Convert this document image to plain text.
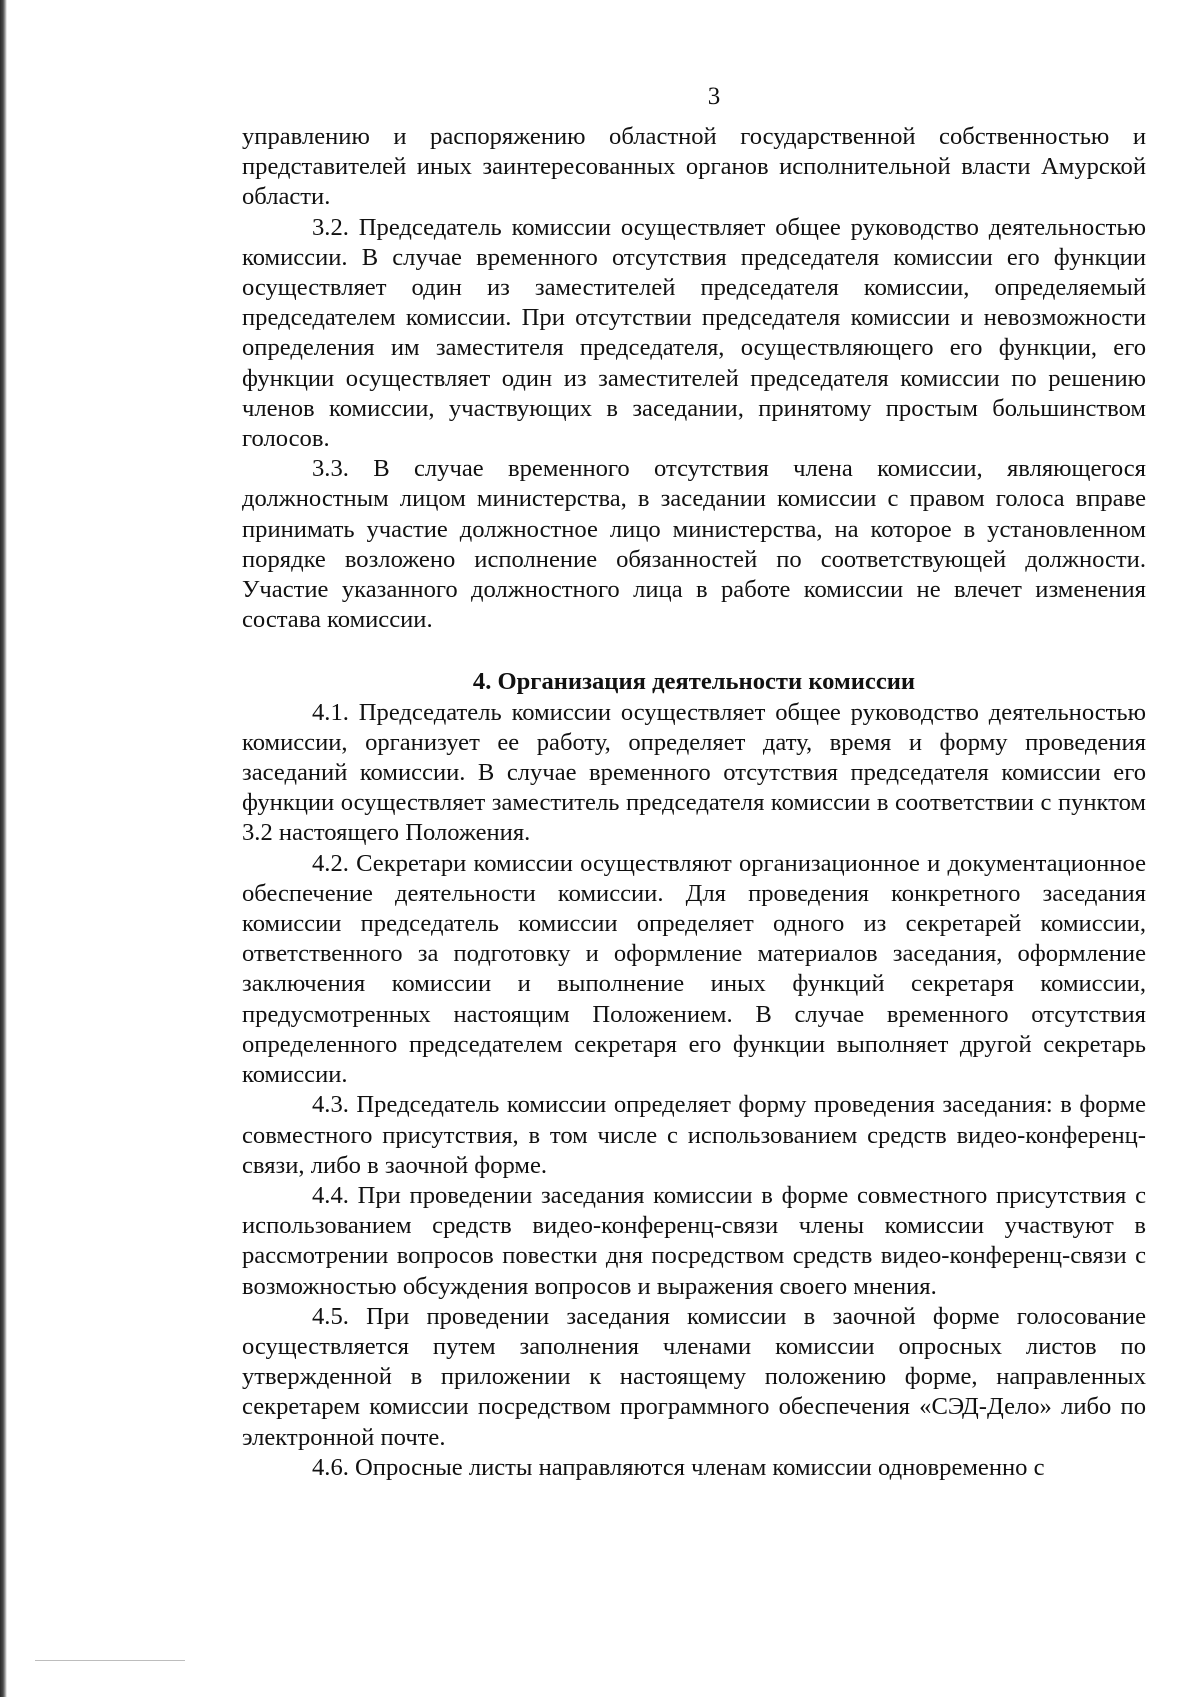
3

управлению и распоряжению областной государственной собственностью и представителей иных заинтересованных органов исполнительной власти Амурской области.

3.2. Председатель комиссии осуществляет общее руководство деятельностью комиссии. В случае временного отсутствия председателя комиссии его функции осуществляет один из заместителей председателя комиссии, определяемый председателем комиссии. При отсутствии председателя комиссии и невозможности определения им заместителя председателя, осуществляющего его функции, его функции осуществляет один из заместителей председателя комиссии по решению членов комиссии, участвующих в заседании, принятому простым большинством голосов.

3.3. В случае временного отсутствия члена комиссии, являющегося должностным лицом министерства, в заседании комиссии с правом голоса вправе принимать участие должностное лицо министерства, на которое в установленном порядке возложено исполнение обязанностей по соответствующей должности. Участие указанного должностного лица в работе комиссии не влечет изменения состава комиссии.

4. Организация деятельности комиссии

4.1. Председатель комиссии осуществляет общее руководство деятельностью комиссии, организует ее работу, определяет дату, время и форму проведения заседаний комиссии. В случае временного отсутствия председателя комиссии его функции осуществляет заместитель председателя комиссии в соответствии с пунктом 3.2 настоящего Положения.

4.2. Секретари комиссии осуществляют организационное и документационное обеспечение деятельности комиссии. Для проведения конкретного заседания комиссии председатель комиссии определяет одного из секретарей комиссии, ответственного за подготовку и оформление материалов заседания, оформление заключения комиссии и выполнение иных функций секретаря комиссии, предусмотренных настоящим Положением. В случае временного отсутствия определенного председателем секретаря его функции выполняет другой секретарь комиссии.

4.3. Председатель комиссии определяет форму проведения заседания: в форме совместного присутствия, в том числе с использованием средств видео-конференц-связи, либо в заочной форме.

4.4. При проведении заседания комиссии в форме совместного присутствия с использованием средств видео-конференц-связи члены комиссии участвуют в рассмотрении вопросов повестки дня посредством средств видео-конференц-связи с возможностью обсуждения вопросов и выражения своего мнения.

4.5. При проведении заседания комиссии в заочной форме голосование осуществляется путем заполнения членами комиссии опросных листов по утвержденной в приложении к настоящему положению форме, направленных секретарем комиссии посредством программного обеспечения «СЭД-Дело» либо по электронной почте.

4.6. Опросные листы направляются членам комиссии одновременно с
